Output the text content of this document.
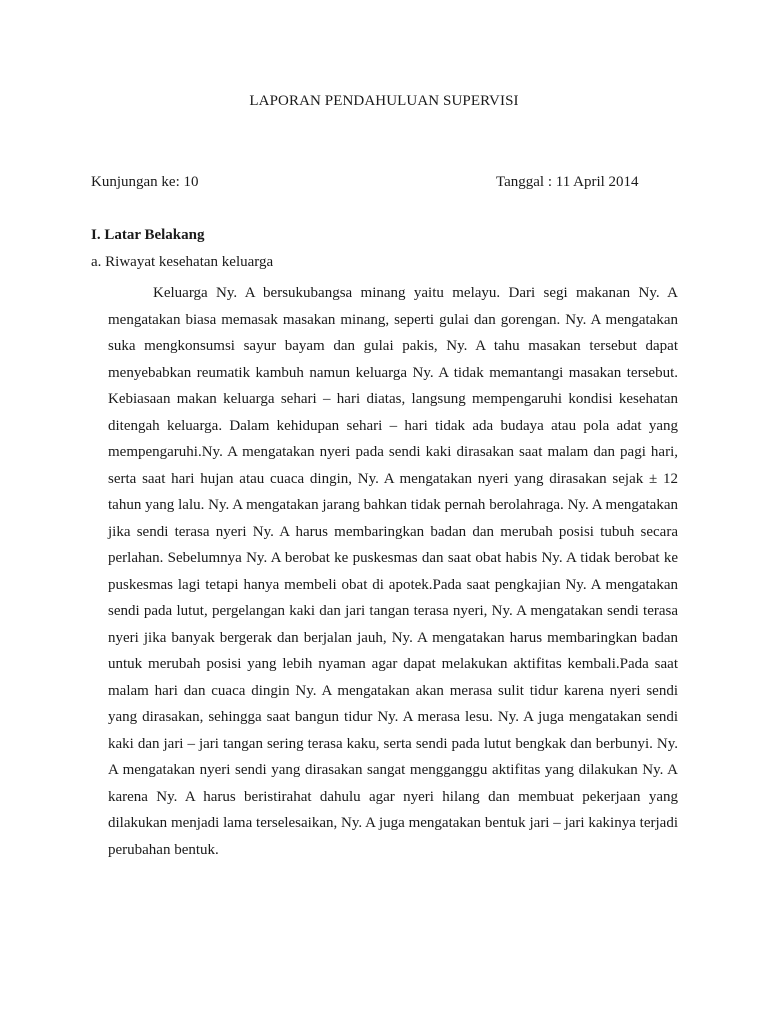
LAPORAN PENDAHULUAN SUPERVISI
Kunjungan ke: 10	Tanggal : 11 April 2014
I. Latar Belakang
a. Riwayat kesehatan keluarga

Keluarga Ny. A bersukubangsa minang yaitu melayu. Dari segi makanan Ny. A mengatakan biasa memasak masakan minang, seperti gulai dan gorengan. Ny. A mengatakan suka mengkonsumsi sayur bayam dan gulai pakis, Ny. A tahu masakan tersebut dapat menyebabkan reumatik kambuh namun keluarga Ny. A tidak memantangi masakan tersebut. Kebiasaan makan keluarga sehari – hari diatas, langsung mempengaruhi kondisi kesehatan ditengah keluarga. Dalam kehidupan sehari – hari tidak ada budaya atau pola adat yang mempengaruhi.Ny. A mengatakan nyeri pada sendi kaki dirasakan saat malam dan pagi hari, serta saat hari hujan atau cuaca dingin, Ny. A mengatakan nyeri yang dirasakan sejak ± 12 tahun yang lalu. Ny. A mengatakan jarang bahkan tidak pernah berolahraga. Ny. A mengatakan jika sendi terasa nyeri Ny. A harus membaringkan badan dan merubah posisi tubuh secara perlahan. Sebelumnya Ny. A berobat ke puskesmas dan saat obat habis Ny. A tidak berobat ke puskesmas lagi tetapi hanya membeli obat di apotek.Pada saat pengkajian Ny. A mengatakan sendi pada lutut, pergelangan kaki dan jari tangan terasa nyeri, Ny. A mengatakan sendi terasa nyeri jika banyak bergerak dan berjalan jauh, Ny. A mengatakan harus membaringkan badan untuk merubah posisi yang lebih nyaman agar dapat melakukan aktifitas kembali.Pada saat malam hari dan cuaca dingin Ny. A mengatakan akan merasa sulit tidur karena nyeri sendi yang dirasakan, sehingga saat bangun tidur Ny. A merasa lesu. Ny. A juga mengatakan sendi kaki dan jari – jari tangan sering terasa kaku, serta sendi pada lutut bengkak dan berbunyi. Ny. A mengatakan nyeri sendi yang dirasakan sangat mengganggu aktifitas yang dilakukan Ny. A karena Ny. A harus beristirahat dahulu agar nyeri hilang dan membuat pekerjaan yang dilakukan menjadi lama terselesaikan, Ny. A juga mengatakan bentuk jari – jari kakinya terjadi perubahan bentuk.
